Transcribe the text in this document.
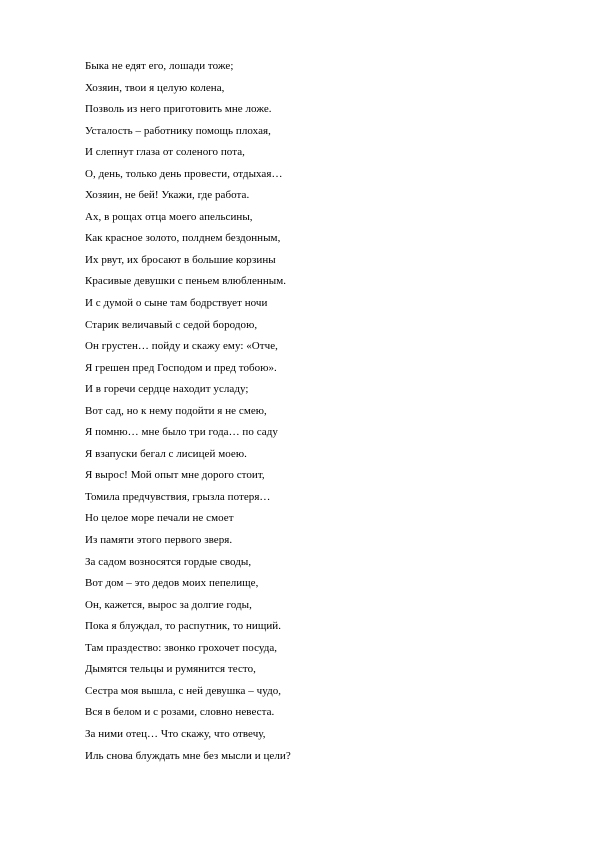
Быка не едят его, лошади тоже;
Хозяин, твои я целую колена,
Позволь из него приготовить мне ложе.
Усталость – работнику помощь плохая,
И слепнут глаза от соленого пота,
О, день, только день провести, отдыхая…
Хозяин, не бей! Укажи, где работа.
Ах, в рощах отца моего апельсины,
Как красное золото, полднем бездонным,
Их рвут, их бросают в большие корзины
Красивые девушки с пеньем влюбленным.
И с думой о сыне там бодрствует ночи
Старик величавый с седой бородою,
Он грустен… пойду и скажу ему: «Отче,
Я грешен пред Господом и пред тобою».
И в горечи сердце находит усладу;
Вот сад, но к нему подойти я не смею,
Я помню… мне было три года… по саду
Я взапуски бегал с лисицей моею.
Я вырос! Мой опыт мне дорого стоит,
Томила предчувствия, грызла потеря…
Но целое море печали не смоет
Из памяти этого первого зверя.
За садом возносятся гордые своды,
Вот дом – это дедов моих пепелище,
Он, кажется, вырос за долгие годы,
Пока я блуждал, то распутник, то нищий.
Там праздество: звонко грохочет посуда,
Дымятся тельцы и румянится тесто,
Сестра моя вышла, с ней девушка – чудо,
Вся в белом и с розами, словно невеста.
За ними отец… Что скажу, что отвечу,
Иль снова блуждать мне без мысли и цели?
